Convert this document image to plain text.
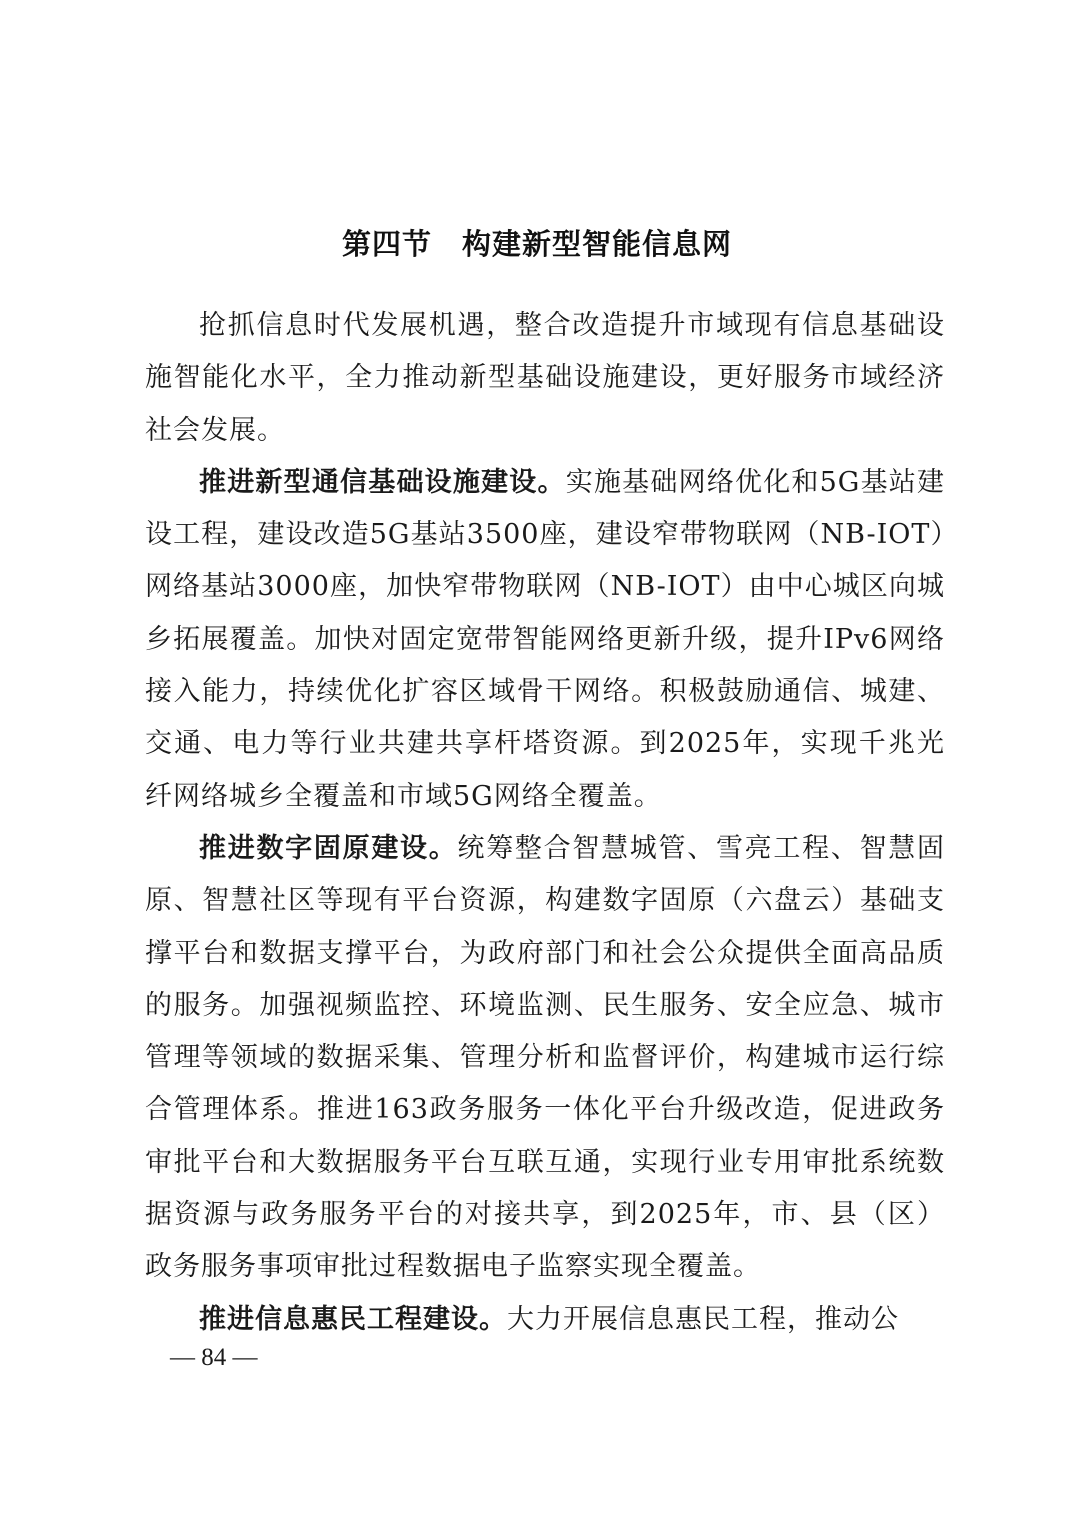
第四节 构建新型智能信息网

抢抓信息时代发展机遇，整合改造提升市域现有信息基础设施智能化水平，全力推动新型基础设施建设，更好服务市域经济社会发展。

推进新型通信基础设施建设。实施基础网络优化和5G基站建设工程，建设改造5G基站3500座，建设窄带物联网（NB-IOT）网络基站3000座，加快窄带物联网（NB-IOT）由中心城区向城乡拓展覆盖。加快对固定宽带智能网络更新升级，提升IPv6网络接入能力，持续优化扩容区域骨干网络。积极鼓励通信、城建、交通、电力等行业共建共享杆塔资源。到2025年，实现千兆光纤网络城乡全覆盖和市域5G网络全覆盖。

推进数字固原建设。统筹整合智慧城管、雪亮工程、智慧固原、智慧社区等现有平台资源，构建数字固原（六盘云）基础支撑平台和数据支撑平台，为政府部门和社会公众提供全面高品质的服务。加强视频监控、环境监测、民生服务、安全应急、城市管理等领域的数据采集、管理分析和监督评价，构建城市运行综合管理体系。推进163政务服务一体化平台升级改造，促进政务审批平台和大数据服务平台互联互通，实现行业专用审批系统数据资源与政务服务平台的对接共享，到2025年，市、县（区）政务服务事项审批过程数据电子监察实现全覆盖。

推进信息惠民工程建设。大力开展信息惠民工程，推动公

— 84 —
